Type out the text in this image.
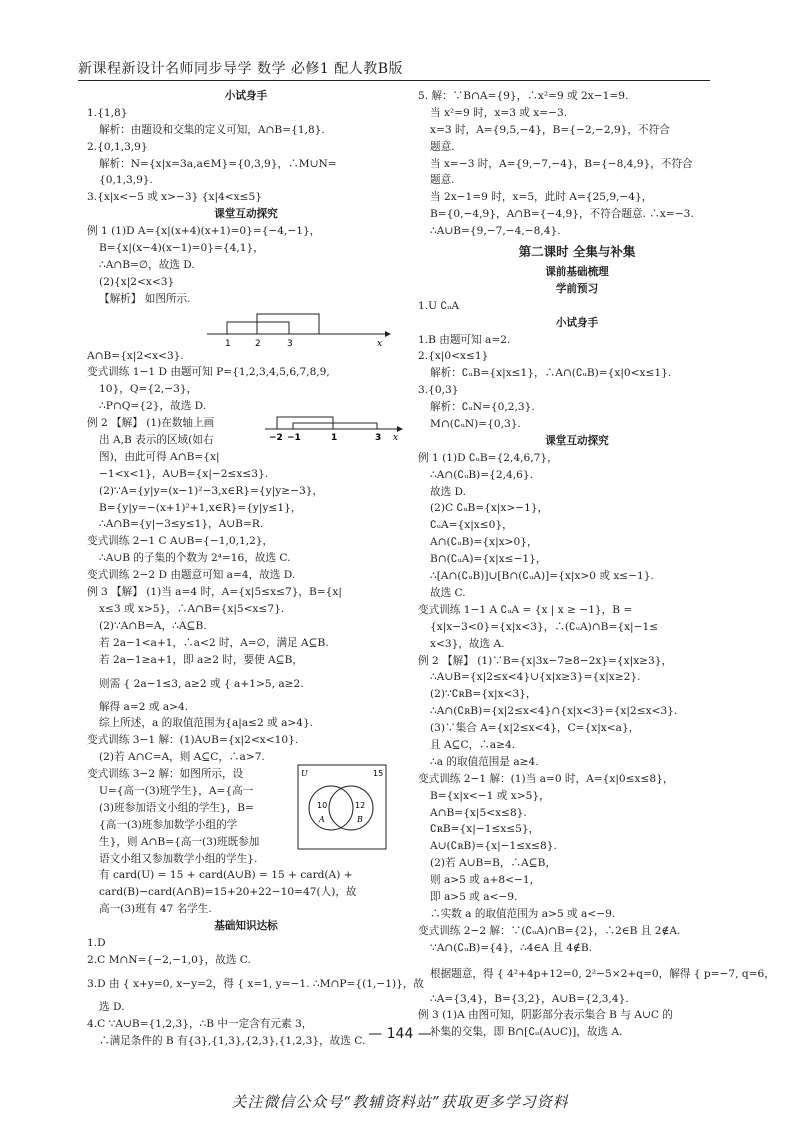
新课程新设计名师同步导学 数学 必修1 配人教B版
小试身手
1.{1,8}
解析：由题设和交集的定义可知，A∩B={1,8}.
2.{0,1,3,9}
解析：N={x|x=3a,a∈M}={0,3,9}，∴M∪N=
{0,1,3,9}.
3.{x|x<−5 或 x>−3} {x|4<x≤5}
课堂互动探究
例 1 (1)D A={x|(x+4)(x+1)=0}={−4,−1}，
B={x|(x−4)(x−1)=0}={4,1}，
∴A∩B=∅，故选 D.
(2){x|2<x<3}
【解析】 如图所示.
1	2	3	x
A∩B={x|2<x<3}.
变式训练 1−1 D 由题可知 P={1,2,3,4,5,6,7,8,9,
10}，Q={2,−3}，
∴P∩Q={2}，故选 D.
例 2 【解】 (1)在数轴上画
−2 −1	1	3 x
出 A,B 表示的区域(如右
图)，由此可得 A∩B={x|
−1<x<1}，A∪B={x|−2≤x≤3}.
(2)∵A={y|y=(x−1)²−3,x∈R}={y|y≥−3}，
B={y|y=−(x+1)²+1,x∈R}={y|y≤1}，
∴A∩B={y|−3≤y≤1}，A∪B=R.
变式训练 2−1 C A∪B={−1,0,1,2}，
∴A∪B 的子集的个数为 2⁴=16，故选 C.
变式训练 2−2 D 由题意可知 a=4，故选 D.
例 3 【解】 (1)当 a=4 时，A={x|5≤x≤7}，B={x|
x≤3 或 x>5}，∴A∩B={x|5<x≤7}.
(2)∵A∩B=A，∴A⊆B.
若 2a−1<a+1，∴a<2 时，A=∅，满足 A⊆B.
若 2a−1≥a+1，即 a≥2 时，要使 A⊆B，
则需 { 2a−1≤3, a≥2 或 { a+1>5, a≥2.
解得 a=2 或 a>4.
综上所述，a 的取值范围为{a|a≤2 或 a>4}.
变式训练 3−1 解：(1)A∪B={x|2<x<10}.
(2)若 A∩C=A，则 A⊆C，∴a>7.
变式训练 3−2 解：如图所示，设	U	15
10	12
A	B
U={高一(3)班学生}，A={高一
(3)班参加语文小组的学生}，B=
{高一(3)班参加数学小组的学
生}，则 A∩B={高一(3)班既参加
语文小组又参加数学小组的学生}.
有 card(U) = 15 + card(A∪B) = 15 + card(A) +
card(B)−card(A∩B)=15+20+22−10=47(人)，故
高一(3)班有 47 名学生.
基础知识达标
1.D
2.C M∩N={−2,−1,0}，故选 C.
3.D 由 { x+y=0, x−y=2，得 { x=1, y=−1. ∴M∩P={(1,−1)}，故
选 D.
4.C ∵A∪B={1,2,3}，∴B 中一定含有元素 3，
∴满足条件的 B 有{3},{1,3},{2,3},{1,2,3}，故选 C.
5. 解：∵B∩A={9}，∴x²=9 或 2x−1=9.
当 x²=9 时，x=3 或 x=−3.
x=3 时，A={9,5,−4}，B={−2,−2,9}，不符合
题意.
当 x=−3 时，A={9,−7,−4}，B={−8,4,9}，不符合
题意.
当 2x−1=9 时，x=5，此时 A={25,9,−4}，
B={0,−4,9}，A∩B={−4,9}，不符合题意. ∴x=−3.
∴A∪B={9,−7,−4,−8,4}.
第二课时 全集与补集
课前基础梳理
学前预习
1.U ∁ᵤA
小试身手
1.B 由题可知 a=2.
2.{x|0<x≤1}
解析：∁ᵤB={x|x≤1}，∴A∩(∁ᵤB)={x|0<x≤1}.
3.{0,3}
解析：∁ᵤN={0,2,3}.
M∩(∁ᵤN)={0,3}.
课堂互动探究
例 1 (1)D ∁ᵤB={2,4,6,7}，
∴A∩(∁ᵤB)={2,4,6}.
故选 D.
(2)C ∁ᵤB={x|x>−1}，
∁ᵤA={x|x≤0}，
A∩(∁ᵤB)={x|x>0}，
B∩(∁ᵤA)={x|x≤−1}，
∴[A∩(∁ᵤB)]∪[B∩(∁ᵤA)]={x|x>0 或 x≤−1}.
故选 C.
变式训练 1−1 A ∁ᵤA = {x | x ≥ −1}，B =
{x|x−3<0}={x|x<3}，∴(∁ᵤA)∩B={x|−1≤
x<3}，故选 A.
例 2 【解】 (1)∵B={x|3x−7≥8−2x}={x|x≥3}，
∴A∪B={x|2≤x<4}∪{x|x≥3}={x|x≥2}.
(2)∵∁ʀB={x|x<3}，
∴A∩(∁ʀB)={x|2≤x<4}∩{x|x<3}={x|2≤x<3}.
(3)∵集合 A={x|2≤x<4}，C={x|x<a}，
且 A⊆C，∴a≥4.
∴a 的取值范围是 a≥4.
变式训练 2−1 解：(1)当 a=0 时，A={x|0≤x≤8}，
B={x|x<−1 或 x>5}，
A∩B={x|5<x≤8}.
∁ʀB={x|−1≤x≤5}，
A∪(∁ʀB)={x|−1≤x≤8}.
(2)若 A∪B=B，∴A⊆B，
则 a>5 或 a+8<−1，
即 a>5 或 a<−9.
∴实数 a 的取值范围为 a>5 或 a<−9.
变式训练 2−2 解：∵(∁ᵤA)∩B={2}，∴2∈B 且 2∉A.
∵A∩(∁ᵤB)={4}，∴4∈A 且 4∉B.
根据题意，得 { 4²+4p+12=0, 2²−5×2+q=0，解得 { p=−7, q=6，
∴A={3,4}，B={3,2}，A∪B={2,3,4}.
例 3 (1)A 由图可知，阴影部分表示集合 B 与 A∪C 的
补集的交集，即 B∩[∁ᵤ(A∪C)]，故选 A.
— 144 —
关注微信公众号“教辅资料站”获取更多学习资料
